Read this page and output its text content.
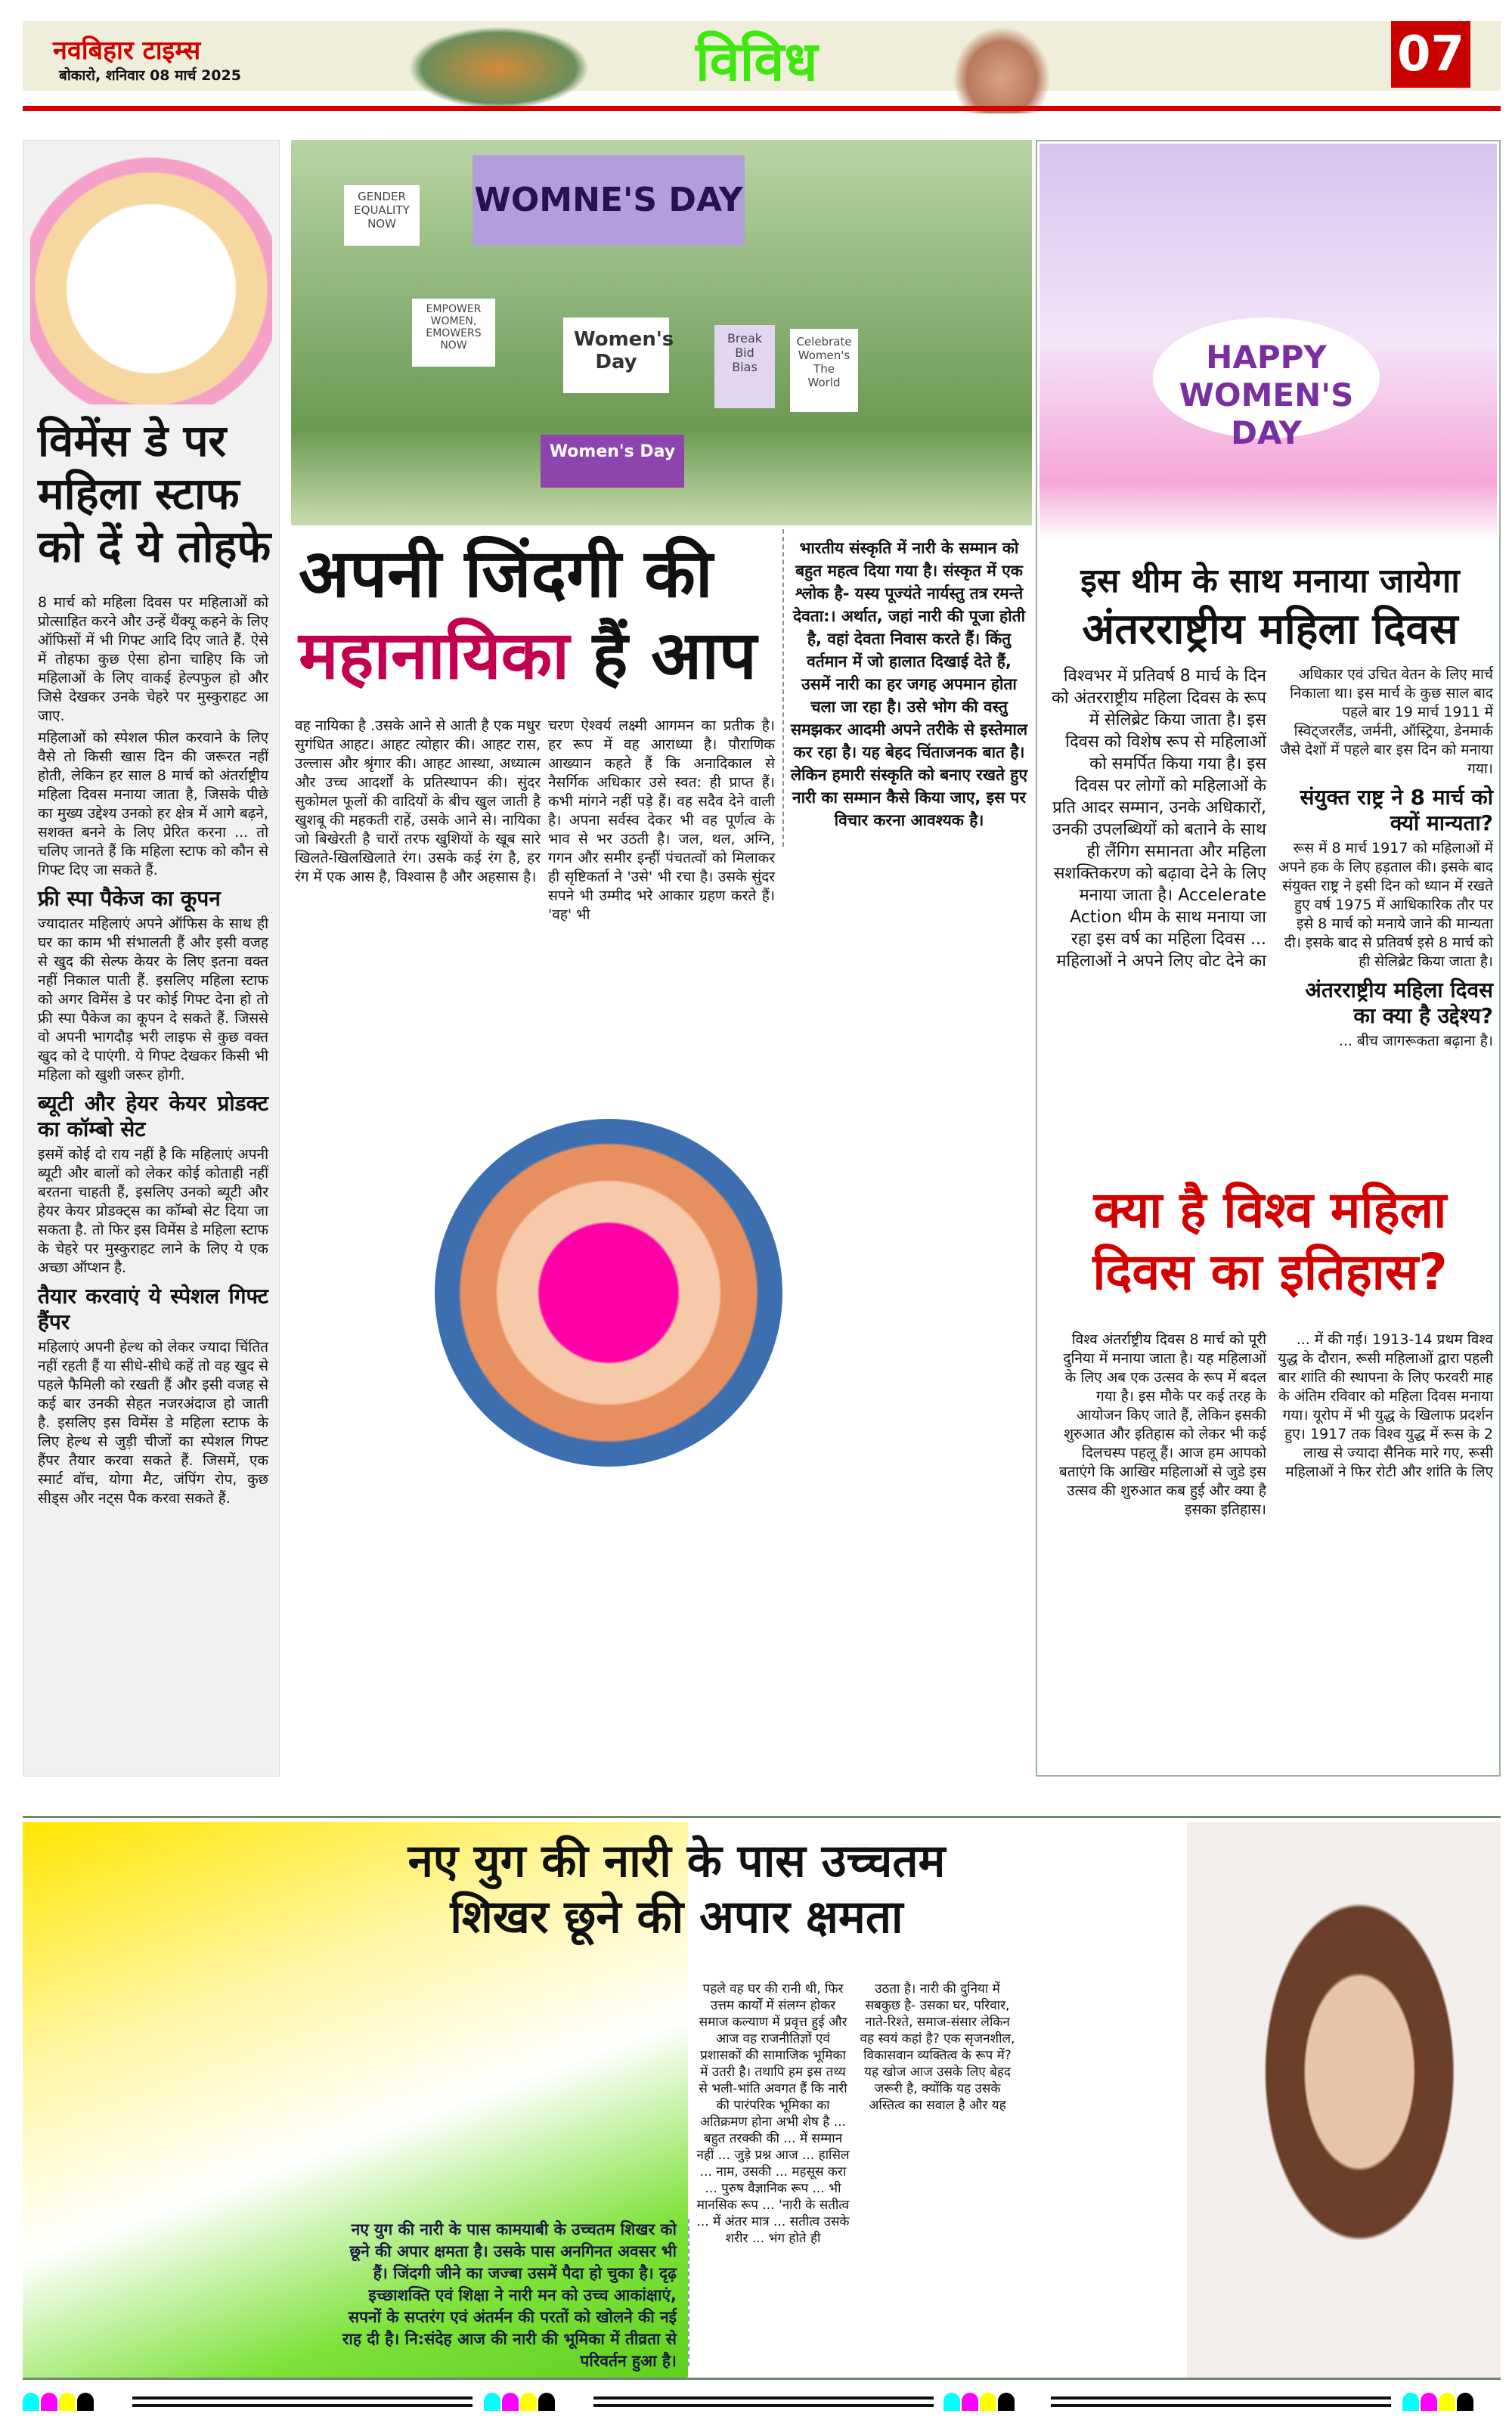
नवबिहार टाइम्स
बोकारो, शनिवार 08 मार्च 2025	विविध	07
विमेंस डे पर महिला स्टाफ को दें ये तोहफे

8 मार्च को महिला दिवस पर महिलाओं को प्रोत्साहित करने और उन्हें थैंक्यू कहने के लिए ऑफिसों में भी गिफ्ट आदि दिए जाते हैं. ऐसे में तोहफा कुछ ऐसा होना चाहिए कि जो महिलाओं के लिए वाकई हेल्पफुल हो और जिसे देखकर उनके चेहरे पर मुस्कुराहट आ जाए.

महिलाओं को स्पेशल फील करवाने के लिए वैसे तो किसी खास दिन की जरूरत नहीं होती, लेकिन हर साल 8 मार्च को अंतर्राष्ट्रीय महिला दिवस मनाया जाता है, जिसके पीछे का मुख्य उद्देश्य उनको हर क्षेत्र में आगे बढ़ने, सशक्त बनने के लिए प्रेरित करना ... तो चलिए जानते हैं कि महिला स्टाफ को कौन से गिफ्ट दिए जा सकते हैं.

फ्री स्पा पैकेज का कूपन

ज्यादातर महिलाएं अपने ऑफिस के साथ ही घर का काम भी संभालती हैं और इसी वजह से खुद की सेल्फ केयर के लिए इतना वक्त नहीं निकाल पाती हैं. इसलिए महिला स्टाफ को अगर विमेंस डे पर कोई गिफ्ट देना हो तो फ्री स्पा पैकेज का कूपन दे सकते हैं. जिससे वो अपनी भागदौड़ भरी लाइफ से कुछ वक्त खुद को दे पाएंगी. ये गिफ्ट देखकर किसी भी महिला को खुशी जरूर होगी.

ब्यूटी और हेयर केयर प्रोडक्ट का कॉम्बो सेट

इसमें कोई दो राय नहीं है कि महिलाएं अपनी ब्यूटी और बालों को लेकर कोई कोताही नहीं बरतना चाहती हैं, इसलिए उनको ब्यूटी और हेयर केयर प्रोडक्ट्स का कॉम्बो सेट दिया जा सकता है. तो फिर इस विमेंस डे महिला स्टाफ के चेहरे पर मुस्कुराहट लाने के लिए ये एक अच्छा ऑप्शन है.

तैयार करवाएं ये स्पेशल गिफ्ट हैंपर

महिलाएं अपनी हेल्थ को लेकर ज्यादा चिंतित नहीं रहती हैं या सीधे-सीधे कहें तो वह खुद से पहले फैमिली को रखती हैं और इसी वजह से कई बार उनकी सेहत नजरअंदाज हो जाती है. इसलिए इस विमेंस डे महिला स्टाफ के लिए हेल्थ से जुड़ी चीजों का स्पेशल गिफ्ट हैंपर तैयार करवा सकते हैं. जिसमें, एक स्मार्ट वॉच, योगा मैट, जंपिंग रोप, कुछ सीड्स और नट्स पैक करवा सकते हैं.

WOMNE'S DAY
GENDER EQUALITY NOW
EMPOWER WOMEN, EMOWERS NOW	Women's Day
Break Bid Bias
Celebrate Women's The World
Women's Day
अपनी जिंदगी की
महानायिका हैं आप
भारतीय संस्कृति में नारी के सम्मान को बहुत महत्व दिया गया है। संस्कृत में एक श्लोक है- यस्य पूज्यंते नार्यस्तु तत्र रमन्ते देवता:। अर्थात, जहां नारी की पूजा होती है, वहां देवता निवास करते हैं। किंतु वर्तमान में जो हालात दिखाई देते हैं, उसमें नारी का हर जगह अपमान होता चला जा रहा है। उसे भोग की वस्तु समझकर आदमी अपने तरीके से इस्तेमाल कर रहा है। यह बेहद चिंताजनक बात है। लेकिन हमारी संस्कृति को बनाए रखते हुए नारी का सम्मान कैसे किया जाए, इस पर विचार करना आवश्यक है।
वह नायिका है .उसके आने से आती है एक मधुर सुगंधित आहट। आहट त्योहार की। आहट रास, उल्लास और श्रृंगार की। आहट आस्था, अध्यात्म और उच्च आदर्शों के प्रतिस्थापन की। सुंदर सुकोमल फूलों की वादियों के बीच खुल जाती है खुशबू की महकती राहें, उसके आने से। नायिका जो बिखेरती है चारों तरफ खुशियों के खूब सारे खिलते-खिलखिलाते रंग। उसके कई रंग है, हर रंग में एक आस है, विश्वास है और अहसास है।
चरण ऐश्वर्य लक्ष्मी आगमन का प्रतीक है। हर रूप में वह आराध्या है। पौराणिक आख्यान कहते हैं कि अनादिकाल से नैसर्गिक अधिकार उसे स्वत: ही प्राप्त हैं। कभी मांगने नहीं पड़े हैं। वह सदैव देने वाली है। अपना सर्वस्व देकर भी वह पूर्णत्व के भाव से भर उठती है। जल, थल, अग्नि, गगन और समीर इन्हीं पंचतत्वों को मिलाकर ही सृष्टिकर्ता ने 'उसे' भी रचा है। उसके सुंदर सपने भी उम्मीद भरे आकार ग्रहण करते हैं। 'वह' भी
HAPPY WOMEN'S DAY
इस थीम के साथ मनाया जायेगा
अंतरराष्ट्रीय महिला दिवस
विश्वभर में प्रतिवर्ष 8 मार्च के दिन को अंतरराष्ट्रीय महिला दिवस के रूप में सेलिब्रेट किया जाता है। इस दिवस को विशेष रूप से महिलाओं को समर्पित किया गया है। इस दिवस पर लोगों को महिलाओं के प्रति आदर सम्मान, उनके अधिकारों, उनकी उपलब्धियों को बताने के साथ ही लैंगिग समानता और महिला सशक्तिकरण को बढ़ावा देने के लिए मनाया जाता है। Accelerate Action थीम के साथ मनाया जा रहा इस वर्ष का महिला दिवस ... महिलाओं ने अपने लिए वोट देने का

अधिकार एवं उचित वेतन के लिए मार्च निकाला था। इस मार्च के कुछ साल बाद पहले बार 19 मार्च 1911 में स्विट्जरलैंड, जर्मनी, ऑस्ट्रिया, डेनमार्क जैसे देशों में पहले बार इस दिन को मनाया गया।

संयुक्त राष्ट्र ने 8 मार्च को क्यों मान्यता?

रूस में 8 मार्च 1917 को महिलाओं में अपने हक के लिए हड़ताल की। इसके बाद संयुक्त राष्ट्र ने इसी दिन को ध्यान में रखते हुए वर्ष 1975 में आधिकारिक तौर पर इसे 8 मार्च को मनाये जाने की मान्यता दी। इसके बाद से प्रतिवर्ष इसे 8 मार्च को ही सेलिब्रेट किया जाता है।

अंतरराष्ट्रीय महिला दिवस का क्या है उद्देश्य?

... बीच जागरूकता बढ़ाना है।

क्या है विश्व महिला दिवस का इतिहास?
विश्व अंतर्राष्ट्रीय दिवस 8 मार्च को पूरी दुनिया में मनाया जाता है। यह महिलाओं के लिए अब एक उत्सव के रूप में बदल गया है। इस मौके पर कई तरह के आयोजन किए जाते हैं, लेकिन इसकी शुरुआत और इतिहास को लेकर भी कई दिलचस्प पहलू हैं। आज हम आपको बताएंगे कि आखिर महिलाओं से जुडे इस उत्सव की शुरुआत कब हुई और क्या है इसका इतिहास।
... में की गई। 1913-14 प्रथम विश्व युद्ध के दौरान, रूसी महिलाओं द्वारा पहली बार शांति की स्थापना के लिए फरवरी माह के अंतिम रविवार को महिला दिवस मनाया गया। यूरोप में भी युद्ध के खिलाफ प्रदर्शन हुए। 1917 तक विश्व युद्ध में रूस के 2 लाख से ज्यादा सैनिक मारे गए, रूसी महिलाओं ने फिर रोटी और शांति के लिए
नए युग की नारी के पास उच्चतम
शिखर छूने की अपार क्षमता
नए युग की नारी के पास कामयाबी के उच्चतम शिखर को छूने की अपार क्षमता है। उसके पास अनगिनत अवसर भी हैं। जिंदगी जीने का जज्बा उसमें पैदा हो चुका है। दृढ़ इच्छाशक्ति एवं शिक्षा ने नारी मन को उच्च आकांक्षाएं, सपनों के सप्तरंग एवं अंतर्मन की परतों को खोलने की नई राह दी है। नि:संदेह आज की नारी की भूमिका में तीव्रता से परिवर्तन हुआ है।
पहले वह घर की रानी थी, फिर उत्तम कार्यों में संलग्न होकर समाज कल्याण में प्रवृत्त हुई और आज वह राजनीतिज्ञों एवं प्रशासकों की सामाजिक भूमिका में उतरी है। तथापि हम इस तथ्य से भली-भांति अवगत हैं कि नारी की पारंपरिक भूमिका का अतिक्रमण होना अभी शेष है ... बहुत तरक्की की ... में सम्मान नहीं ... जुड़े प्रश्न आज ... हासिल ... नाम, उसकी ... महसूस करा ... पुरुष वैज्ञानिक रूप ... भी मानसिक रूप ... 'नारी के सतीत्व ... में अंतर मात्र ... सतीत्व उसके शरीर ... भंग होते ही
उठता है। नारी की दुनिया में सबकुछ है- उसका घर, परिवार, नाते-रिश्ते, समाज-संसार लेकिन वह स्वयं कहां है? एक सृजनशील, विकासवान व्यक्तित्व के रूप में? यह खोज आज उसके लिए बेहद जरूरी है, क्योंकि यह उसके अस्तित्व का सवाल है और यह
